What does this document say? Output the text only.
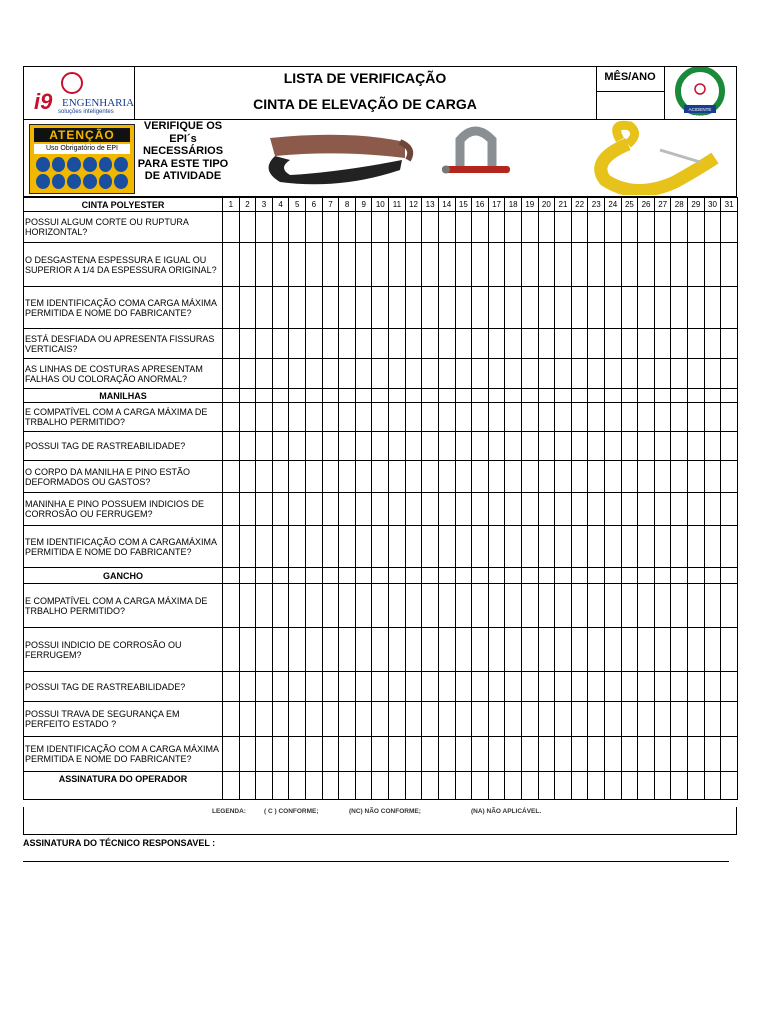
i9 ENGENHARIA
soluções inteligentes
LISTA DE VERIFICAÇÃO
CINTA DE ELEVAÇÃO DE CARGA
MÊS/ANO
ACIDENTE ZERO
ATENÇÃO
Uso Obrigatório de EPI
VERIFIQUE OS EPI´s NECESSÁRIOS PARA ESTE TIPO DE ATIVIDADE
CINTA POLYESTER	1	2	3	4	5	6	7	8	9	10	11	12	13	14	15	16	17	18	19	20	21	22	23	24	25	26	27	28	29	30	31
POSSUI ALGUM CORTE OU RUPTURA HORIZONTAL?																															
O DESGASTENA ESPESSURA E IGUAL OU SUPERIOR A 1/4 DA ESPESSURA ORIGINAL?																															
TEM IDENTIFICAÇÃO COMA CARGA MÁXIMA PERMITIDA E NOME DO FABRICANTE?																															
ESTÁ DESFIADA OU APRESENTA FISSURAS VERTICAIS?																															
AS LINHAS DE COSTURAS APRESENTAM FALHAS OU COLORAÇÃO ANORMAL?																															
MANILHAS																															
E COMPATÍVEL COM A CARGA MÁXIMA DE TRBALHO PERMITIDO?																															
POSSUI TAG DE RASTREABILIDADE?																															
O CORPO DA MANILHA E PINO ESTÃO DEFORMADOS OU GASTOS?																															
MANINHA E PINO POSSUEM INDICIOS DE CORROSÃO OU FERRUGEM?																															
TEM IDENTIFICAÇÃO COM A CARGAMÁXIMA PERMITIDA E NOME DO FABRICANTE?																															
GANCHO																															
E COMPATÍVEL COM A CARGA MÁXIMA DE TRBALHO PERMITIDO?																															
POSSUI INDICIO DE CORROSÃO OU FERRUGEM?																															
POSSUI TAG DE RASTREABILIDADE?																															
POSSUI TRAVA DE SEGURANÇA EM PERFEITO ESTADO ?																															
TEM IDENTIFICAÇÃO COM A CARGA MÁXIMA PERMITIDA E NOME DO FABRICANTE?																															
ASSINATURA DO OPERADOR																															
LEGENDA:	( C ) CONFORME;	(NC) NÃO CONFORME;	(NA) NÃO APLICÁVEL.
ASSINATURA DO TÉCNICO RESPONSAVEL :
